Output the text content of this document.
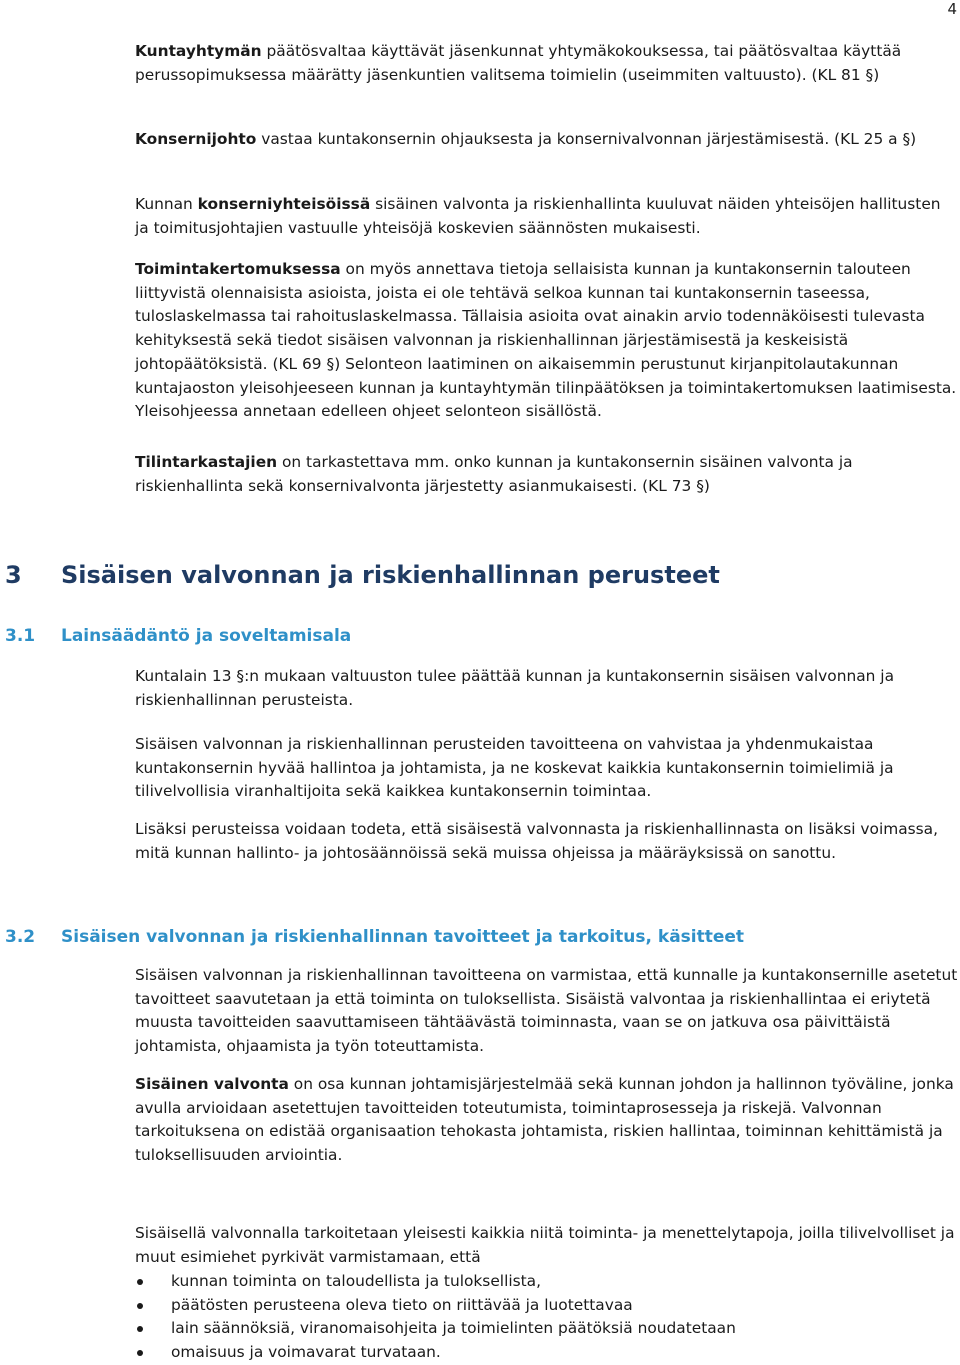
4

Kuntayhtymän päätösvaltaa käyttävät jäsenkunnat yhtymäkokouksessa, tai päätösvaltaa käyttää perussopimuksessa määrätty jäsenkuntien valitsema toimielin (useimmiten valtuusto). (KL 81 §)

Konsernijohto vastaa kuntakonsernin ohjauksesta ja konsernivalvonnan järjestämisestä. (KL 25 a §)

Kunnan konserniyhteisöissä sisäinen valvonta ja riskienhallinta kuuluvat näiden yhteisöjen hallitusten ja toimitusjohtajien vastuulle yhteisöjä koskevien säännösten mukaisesti.

Toimintakertomuksessa on myös annettava tietoja sellaisista kunnan ja kuntakonsernin talouteen liittyvistä olennaisista asioista, joista ei ole tehtävä selkoa kunnan tai kuntakonsernin taseessa, tuloslaskelmassa tai rahoituslaskelmassa. Tällaisia asioita ovat ainakin arvio todennäköisesti tulevasta kehityksestä sekä tiedot sisäisen valvonnan ja riskienhallinnan järjestämisestä ja keskeisistä johtopäätöksistä. (KL 69 §) Selonteon laatiminen on aikaisemmin perustunut kirjanpitolautakunnan kuntajaoston yleisohjeeseen kunnan ja kuntayhtymän tilinpäätöksen ja toimintakertomuksen laatimisesta. Yleisohjeessa annetaan edelleen ohjeet selonteon sisällöstä.

Tilintarkastajien on tarkastettava mm. onko kunnan ja kuntakonsernin sisäinen valvonta ja riskienhallinta sekä konsernivalvonta järjestetty asianmukaisesti. (KL 73 §)

3 Sisäisen valvonnan ja riskienhallinnan perusteet
3.1 Lainsäädäntö ja soveltamisala

Kuntalain 13 §:n mukaan valtuuston tulee päättää kunnan ja kuntakonsernin sisäisen valvonnan ja riskienhallinnan perusteista.

Sisäisen valvonnan ja riskienhallinnan perusteiden tavoitteena on vahvistaa ja yhdenmukaistaa kuntakonsernin hyvää hallintoa ja johtamista, ja ne koskevat kaikkia kuntakonsernin toimielimiä ja tilivelvollisia viranhaltijoita sekä kaikkea kuntakonsernin toimintaa.

Lisäksi perusteissa voidaan todeta, että sisäisestä valvonnasta ja riskienhallinnasta on lisäksi voimassa, mitä kunnan hallinto- ja johtosäännöissä sekä muissa ohjeissa ja määräyksissä on sanottu.

3.2 Sisäisen valvonnan ja riskienhallinnan tavoitteet ja tarkoitus, käsitteet

Sisäisen valvonnan ja riskienhallinnan tavoitteena on varmistaa, että kunnalle ja kuntakonsernille asetetut tavoitteet saavutetaan ja että toiminta on tuloksellista. Sisäistä valvontaa ja riskienhallintaa ei eriytetä muusta tavoitteiden saavuttamiseen tähtäävästä toiminnasta, vaan se on jatkuva osa päivittäistä johtamista, ohjaamista ja työn toteuttamista.

Sisäinen valvonta on osa kunnan johtamisjärjestelmää sekä kunnan johdon ja hallinnon työväline, jonka avulla arvioidaan asetettujen tavoitteiden toteutumista, toimintaprosesseja ja riskejä. Valvonnan tarkoituksena on edistää organisaation tehokasta johtamista, riskien hallintaa, toiminnan kehittämistä ja tuloksellisuuden arviointia.

Sisäisellä valvonnalla tarkoitetaan yleisesti kaikkia niitä toiminta- ja menettelytapoja, joilla tilivelvolliset ja muut esimiehet pyrkivät varmistamaan, että

kunnan toiminta on taloudellista ja tuloksellista,
päätösten perusteena oleva tieto on riittävää ja luotettavaa
lain säännöksiä, viranomaisohjeita ja toimielinten päätöksiä noudatetaan
omaisuus ja voimavarat turvataan.
